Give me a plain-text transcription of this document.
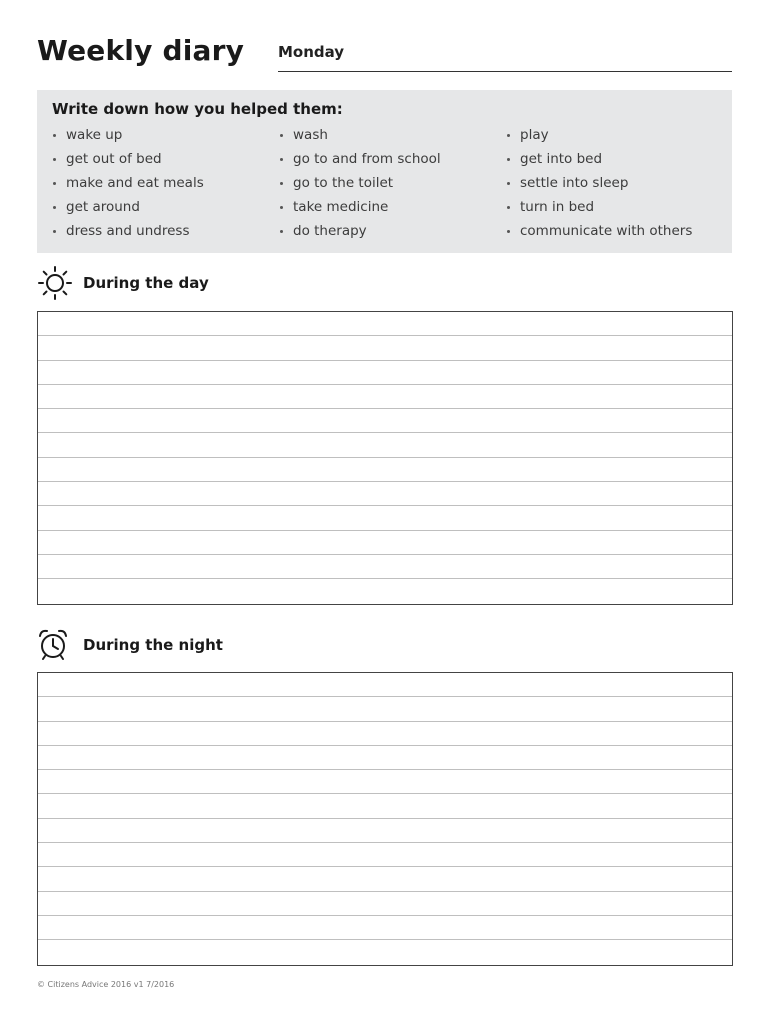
Weekly diary Monday

Write down how you helped them:

wake up
get out of bed
make and eat meals
get around
dress and undress
wash
go to and from school
go to the toilet
take medicine
do therapy
play
get into bed
settle into sleep
turn in bed
communicate with others
During the day
During the night
© Citizens Advice 2016 v1 7/2016
